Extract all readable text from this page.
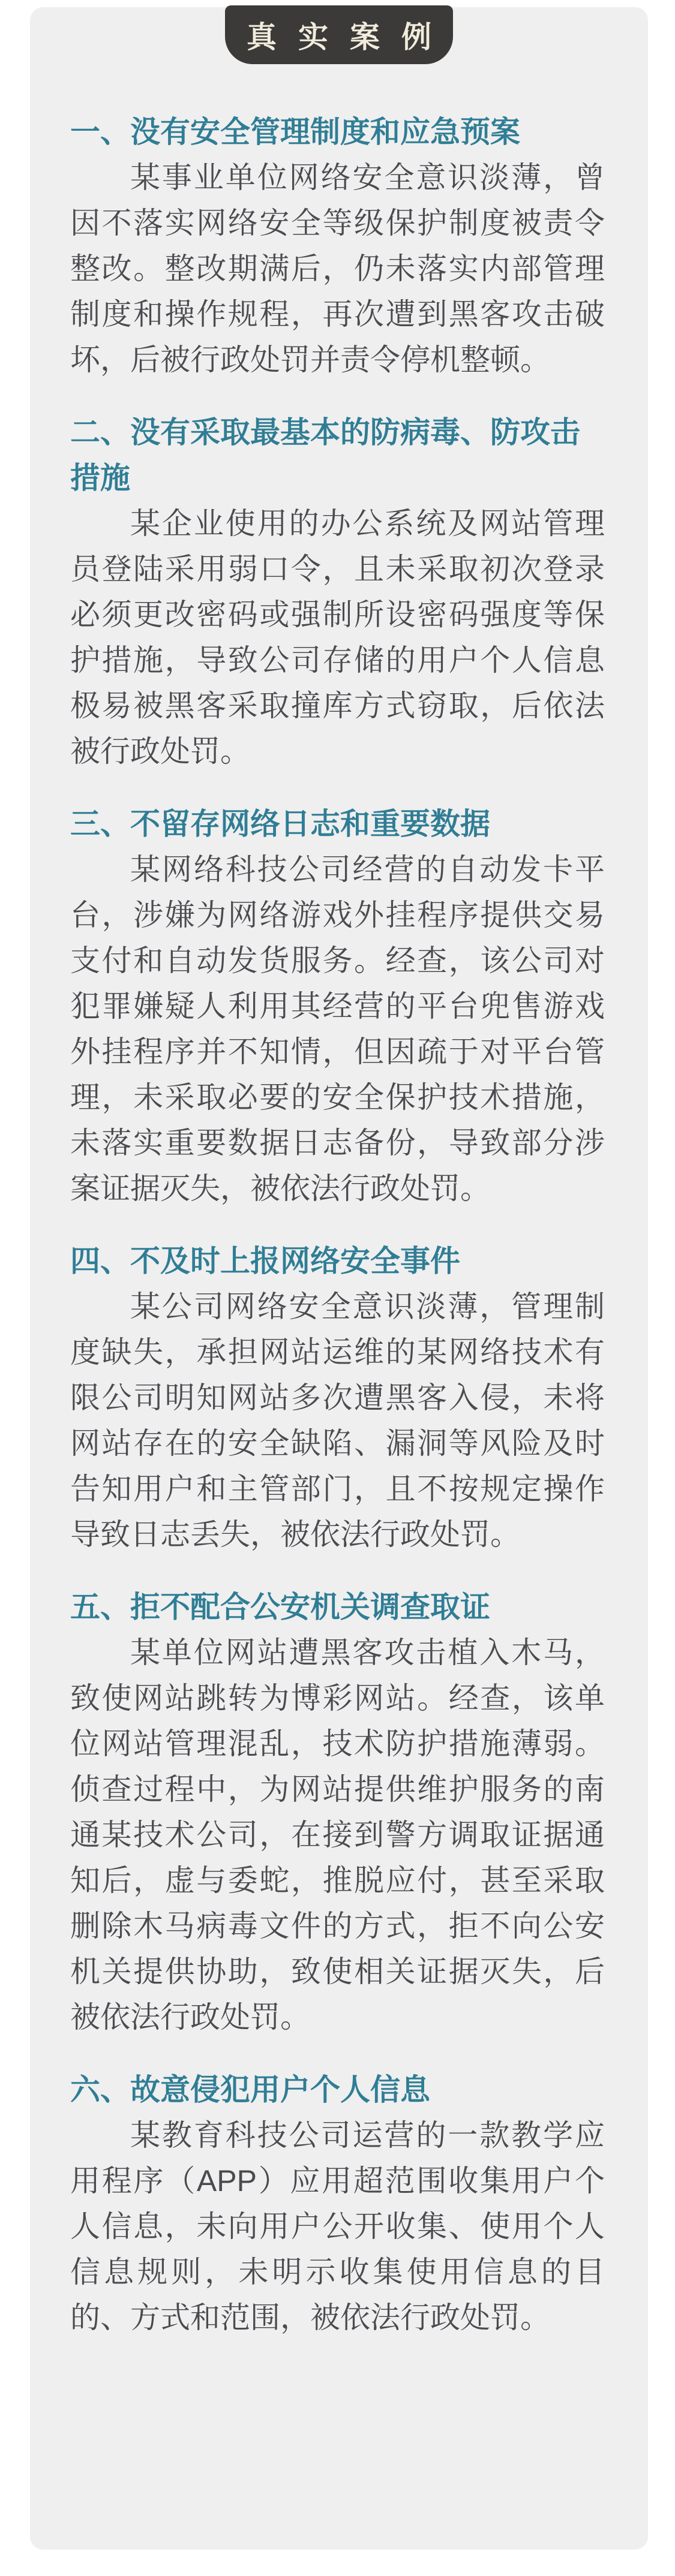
真实案例
一、没有安全管理制度和应急预案

某事业单位网络安全意识淡薄，曾因不落实网络安全等级保护制度被责令整改。整改期满后，仍未落实内部管理制度和操作规程，再次遭到黑客攻击破坏，后被行政处罚并责令停机整顿。

二、没有采取最基本的防病毒、防攻击措施

某企业使用的办公系统及网站管理员登陆采用弱口令，且未采取初次登录必须更改密码或强制所设密码强度等保护措施，导致公司存储的用户个人信息极易被黑客采取撞库方式窃取，后依法被行政处罚。

三、不留存网络日志和重要数据

某网络科技公司经营的自动发卡平台，涉嫌为网络游戏外挂程序提供交易支付和自动发货服务。经查，该公司对犯罪嫌疑人利用其经营的平台兜售游戏外挂程序并不知情，但因疏于对平台管理，未采取必要的安全保护技术措施，未落实重要数据日志备份，导致部分涉案证据灭失，被依法行政处罚。

四、不及时上报网络安全事件

某公司网络安全意识淡薄，管理制度缺失，承担网站运维的某网络技术有限公司明知网站多次遭黑客入侵，未将网站存在的安全缺陷、漏洞等风险及时告知用户和主管部门，且不按规定操作导致日志丢失，被依法行政处罚。

五、拒不配合公安机关调查取证

某单位网站遭黑客攻击植入木马，致使网站跳转为博彩网站。经查，该单位网站管理混乱，技术防护措施薄弱。侦查过程中，为网站提供维护服务的南通某技术公司，在接到警方调取证据通知后，虚与委蛇，推脱应付，甚至采取删除木马病毒文件的方式，拒不向公安机关提供协助，致使相关证据灭失，后被依法行政处罚。

六、故意侵犯用户个人信息

某教育科技公司运营的一款教学应用程序（APP）应用超范围收集用户个人信息，未向用户公开收集、使用个人信息规则，未明示收集使用信息的目的、方式和范围，被依法行政处罚。
